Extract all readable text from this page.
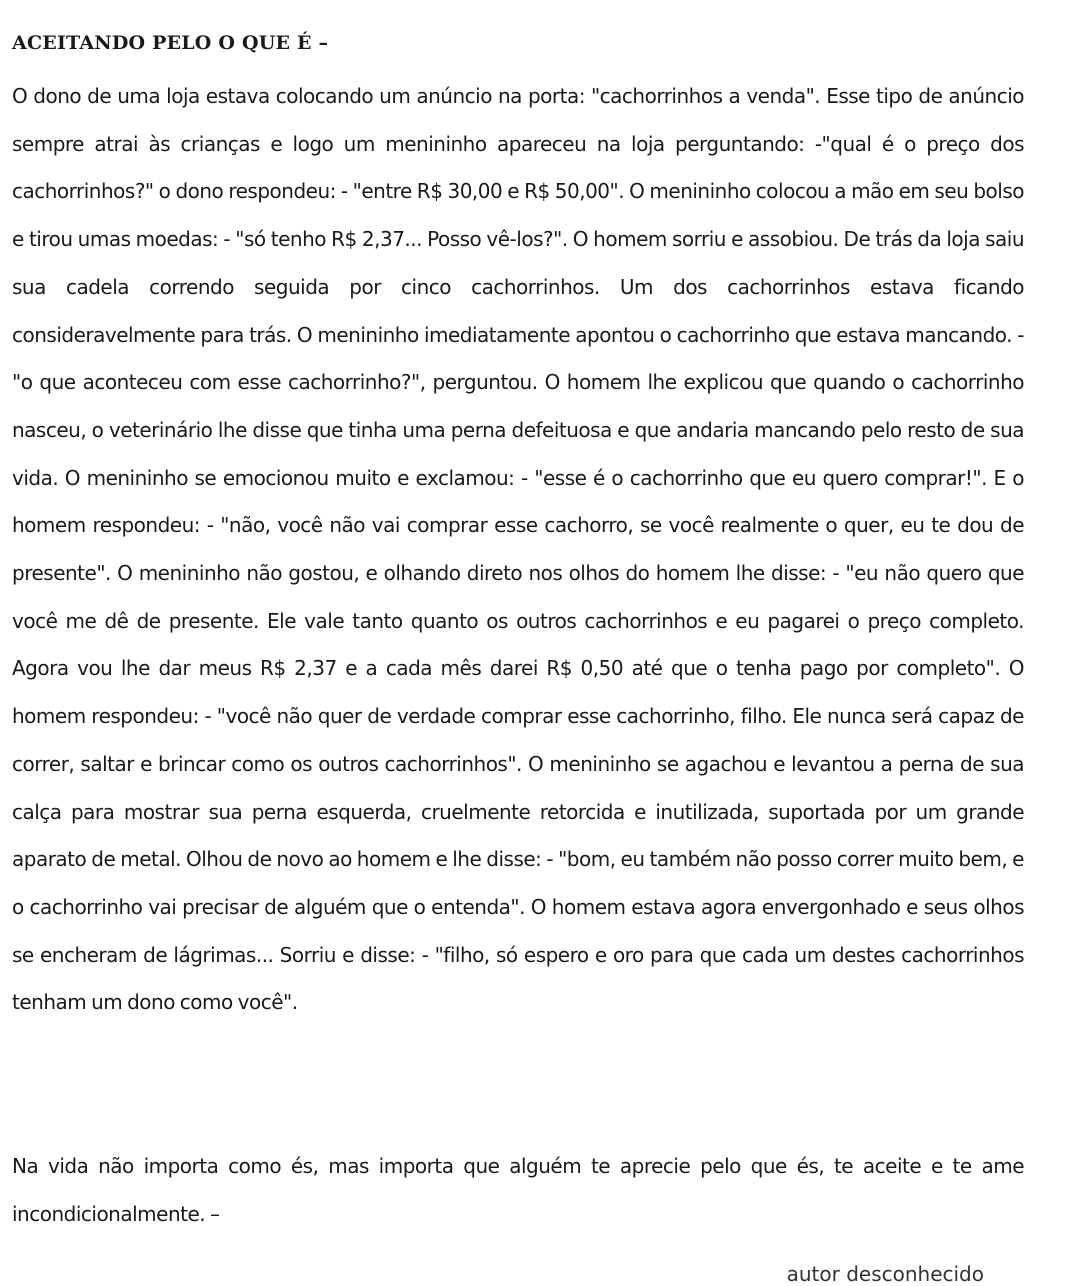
ACEITANDO PELO O QUE É –

O dono de uma loja estava colocando um anúncio na porta: "cachorrinhos a venda". Esse tipo de anúncio sempre atrai às crianças e logo um menininho apareceu na loja perguntando: -"qual é o preço dos cachorrinhos?" o dono respondeu: - "entre R$ 30,00 e R$ 50,00". O menininho colocou a mão em seu bolso e tirou umas moedas: - "só tenho R$ 2,37... Posso vê-los?". O homem sorriu e assobiou. De trás da loja saiu sua cadela correndo seguida por cinco cachorrinhos. Um dos cachorrinhos estava ficando consideravelmente para trás. O menininho imediatamente apontou o cachorrinho que estava mancando. - "o que aconteceu com esse cachorrinho?", perguntou. O homem lhe explicou que quando o cachorrinho nasceu, o veterinário lhe disse que tinha uma perna defeituosa e que andaria mancando pelo resto de sua vida. O menininho se emocionou muito e exclamou: - "esse é o cachorrinho que eu quero comprar!". E o homem respondeu: - "não, você não vai comprar esse cachorro, se você realmente o quer, eu te dou de presente". O menininho não gostou, e olhando direto nos olhos do homem lhe disse: - "eu não quero que você me dê de presente. Ele vale tanto quanto os outros cachorrinhos e eu pagarei o preço completo. Agora vou lhe dar meus R$ 2,37 e a cada mês darei R$ 0,50 até que o tenha pago por completo". O homem respondeu: - "você não quer de verdade comprar esse cachorrinho, filho. Ele nunca será capaz de correr, saltar e brincar como os outros cachorrinhos". O menininho se agachou e levantou a perna de sua calça para mostrar sua perna esquerda, cruelmente retorcida e inutilizada, suportada por um grande aparato de metal. Olhou de novo ao homem e lhe disse: - "bom, eu também não posso correr muito bem, e o cachorrinho vai precisar de alguém que o entenda". O homem estava agora envergonhado e seus olhos se encheram de lágrimas... Sorriu e disse: - "filho, só espero e oro para que cada um destes cachorrinhos tenham um dono como você".

Na vida não importa como és, mas importa que alguém te aprecie pelo que és, te aceite e te ame incondicionalmente. –

autor desconhecido
